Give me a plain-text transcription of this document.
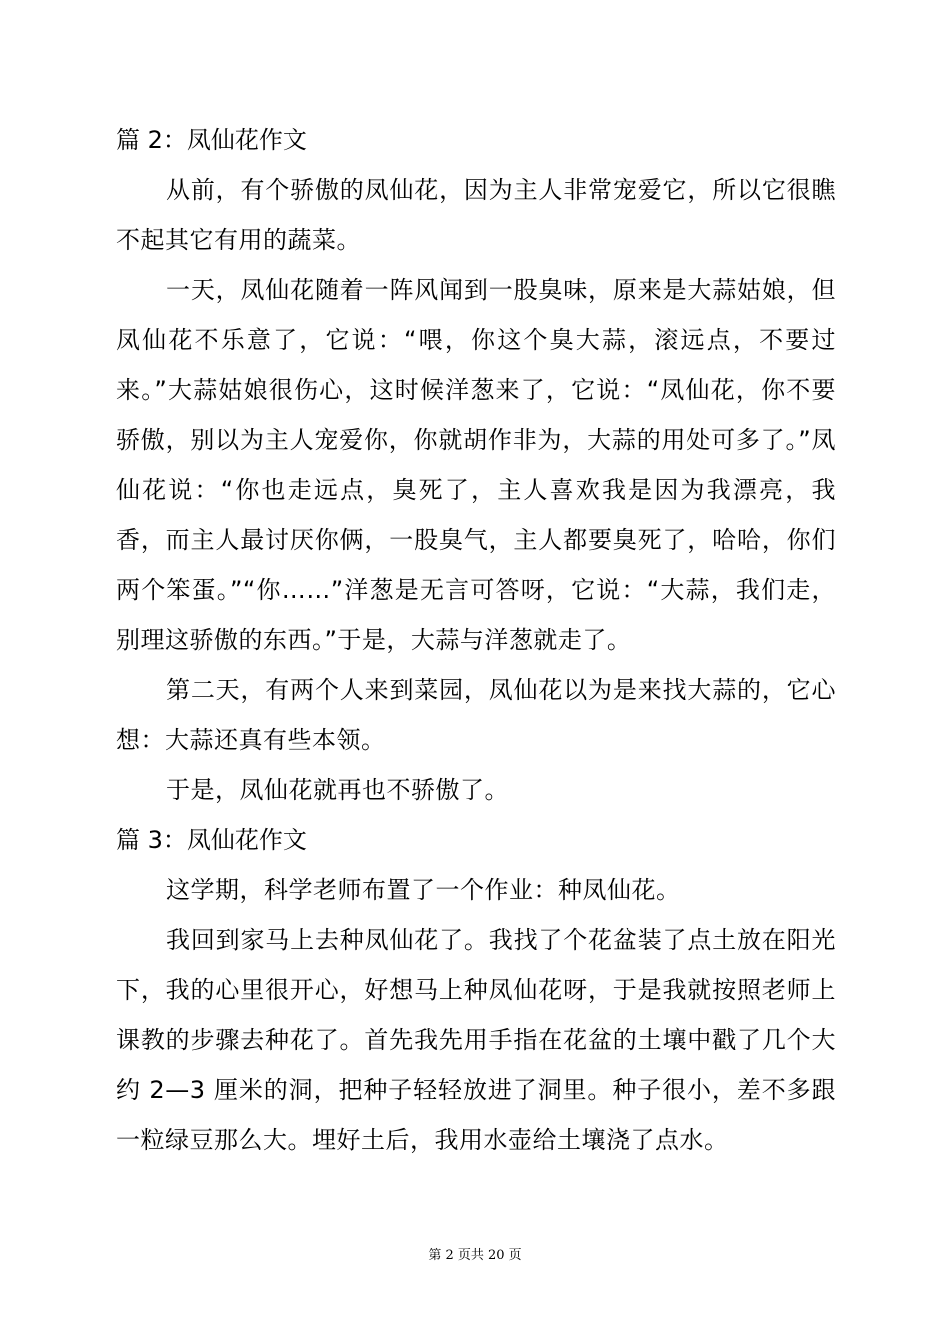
篇 2：凤仙花作文

从前，有个骄傲的凤仙花，因为主人非常宠爱它，所以它很瞧不起其它有用的蔬菜。

一天，凤仙花随着一阵风闻到一股臭味，原来是大蒜姑娘，但凤仙花不乐意了，它说：“喂，你这个臭大蒜，滚远点，不要过来。”大蒜姑娘很伤心，这时候洋葱来了，它说：“凤仙花，你不要骄傲，别以为主人宠爱你，你就胡作非为，大蒜的用处可多了。”凤仙花说：“你也走远点，臭死了，主人喜欢我是因为我漂亮，我香，而主人最讨厌你俩，一股臭气，主人都要臭死了，哈哈，你们两个笨蛋。”“你……”洋葱是无言可答呀，它说：“大蒜，我们走，别理这骄傲的东西。”于是，大蒜与洋葱就走了。

第二天，有两个人来到菜园，凤仙花以为是来找大蒜的，它心想：大蒜还真有些本领。

于是，凤仙花就再也不骄傲了。

篇 3：凤仙花作文

这学期，科学老师布置了一个作业：种凤仙花。

我回到家马上去种凤仙花了。我找了个花盆装了点土放在阳光下，我的心里很开心，好想马上种凤仙花呀，于是我就按照老师上课教的步骤去种花了。首先我先用手指在花盆的土壤中戳了几个大约 2—3 厘米的洞，把种子轻轻放进了洞里。种子很小，差不多跟一粒绿豆那么大。埋好土后，我用水壶给土壤浇了点水。

第 2 页共 20 页
